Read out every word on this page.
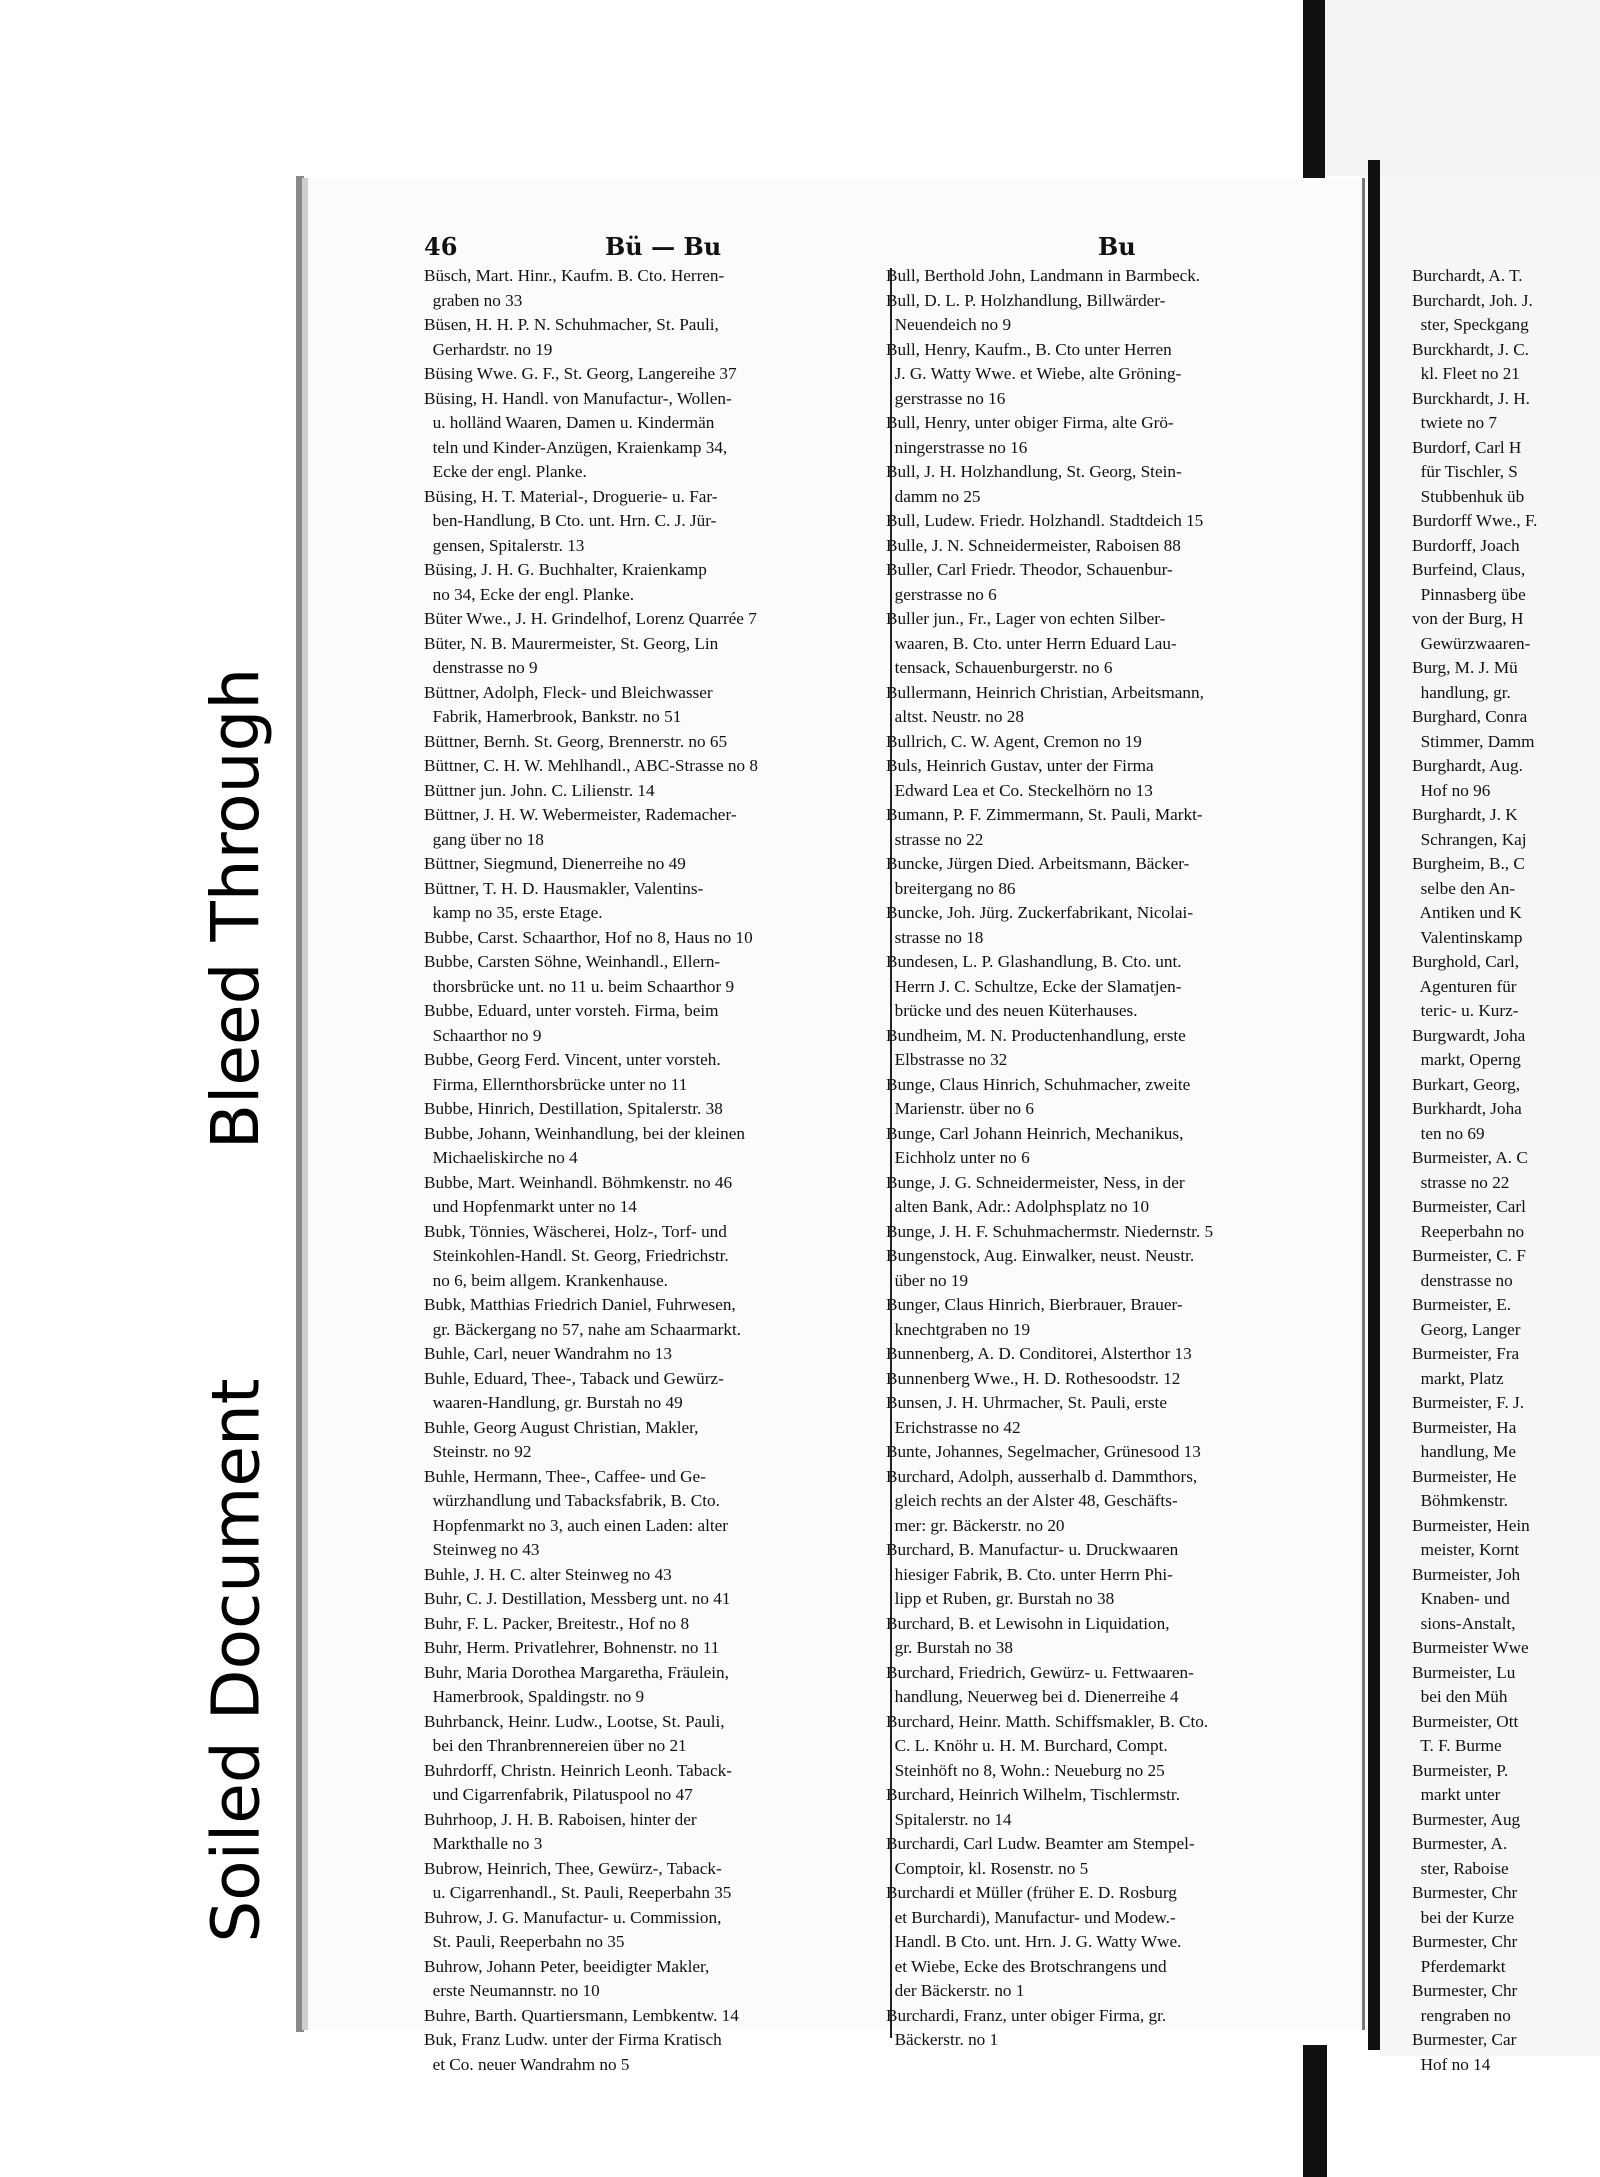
46	Bü — Bu	Bu

Büsch, Mart. Hinr., Kaufm. B. Cto. Herren-

graben no 33

Büsen, H. H. P. N. Schuhmacher, St. Pauli,

Gerhardstr. no 19

Büsing Wwe. G. F., St. Georg, Langereihe 37

Büsing, H. Handl. von Manufactur-, Wollen-

u. holländ Waaren, Damen u. Kindermän

teln und Kinder-Anzügen, Kraienkamp 34,

Ecke der engl. Planke.

Büsing, H. T. Material-, Droguerie- u. Far-

ben-Handlung, B Cto. unt. Hrn. C. J. Jür-

gensen, Spitalerstr. 13

Büsing, J. H. G. Buchhalter, Kraienkamp

no 34, Ecke der engl. Planke.

Büter Wwe., J. H. Grindelhof, Lorenz Quarrée 7

Büter, N. B. Maurermeister, St. Georg, Lin

denstrasse no 9

Büttner, Adolph, Fleck- und Bleichwasser

Fabrik, Hamerbrook, Bankstr. no 51

Büttner, Bernh. St. Georg, Brennerstr. no 65

Büttner, C. H. W. Mehlhandl., ABC-Strasse no 8

Büttner jun. John. C. Lilienstr. 14

Büttner, J. H. W. Webermeister, Rademacher-

gang über no 18

Büttner, Siegmund, Dienerreihe no 49

Büttner, T. H. D. Hausmakler, Valentins-

kamp no 35, erste Etage.

Bubbe, Carst. Schaarthor, Hof no 8, Haus no 10

Bubbe, Carsten Söhne, Weinhandl., Ellern-

thorsbrücke unt. no 11 u. beim Schaarthor 9

Bubbe, Eduard, unter vorsteh. Firma, beim

Schaarthor no 9

Bubbe, Georg Ferd. Vincent, unter vorsteh.

Firma, Ellernthorsbrücke unter no 11

Bubbe, Hinrich, Destillation, Spitalerstr. 38

Bubbe, Johann, Weinhandlung, bei der kleinen

Michaeliskirche no 4

Bubbe, Mart. Weinhandl. Böhmkenstr. no 46

und Hopfenmarkt unter no 14

Bubk, Tönnies, Wäscherei, Holz-, Torf- und

Steinkohlen-Handl. St. Georg, Friedrichstr.

no 6, beim allgem. Krankenhause.

Bubk, Matthias Friedrich Daniel, Fuhrwesen,

gr. Bäckergang no 57, nahe am Schaarmarkt.

Buhle, Carl, neuer Wandrahm no 13

Buhle, Eduard, Thee-, Taback und Gewürz-

waaren-Handlung, gr. Burstah no 49

Buhle, Georg August Christian, Makler,

Steinstr. no 92

Buhle, Hermann, Thee-, Caffee- und Ge-

würzhandlung und Tabacksfabrik, B. Cto.

Hopfenmarkt no 3, auch einen Laden: alter

Steinweg no 43

Buhle, J. H. C. alter Steinweg no 43

Buhr, C. J. Destillation, Messberg unt. no 41

Buhr, F. L. Packer, Breitestr., Hof no 8

Buhr, Herm. Privatlehrer, Bohnenstr. no 11

Buhr, Maria Dorothea Margaretha, Fräulein,

Hamerbrook, Spaldingstr. no 9

Buhrbanck, Heinr. Ludw., Lootse, St. Pauli,

bei den Thranbrennereien über no 21

Buhrdorff, Christn. Heinrich Leonh. Taback-

und Cigarrenfabrik, Pilatuspool no 47

Buhrhoop, J. H. B. Raboisen, hinter der

Markthalle no 3

Bubrow, Heinrich, Thee, Gewürz-, Taback-

u. Cigarrenhandl., St. Pauli, Reeperbahn 35

Buhrow, J. G. Manufactur- u. Commission,

St. Pauli, Reeperbahn no 35

Buhrow, Johann Peter, beeidigter Makler,

erste Neumannstr. no 10

Buhre, Barth. Quartiersmann, Lembkentw. 14

Buk, Franz Ludw. unter der Firma Kratisch

et Co. neuer Wandrahm no 5

Bull, Berthold John, Landmann in Barmbeck.

Bull, D. L. P. Holzhandlung, Billwärder-

Neuendeich no 9

Bull, Henry, Kaufm., B. Cto unter Herren

J. G. Watty Wwe. et Wiebe, alte Gröning-

gerstrasse no 16

Bull, Henry, unter obiger Firma, alte Grö-

ningerstrasse no 16

Bull, J. H. Holzhandlung, St. Georg, Stein-

damm no 25

Bull, Ludew. Friedr. Holzhandl. Stadtdeich 15

Bulle, J. N. Schneidermeister, Raboisen 88

Buller, Carl Friedr. Theodor, Schauenbur-

gerstrasse no 6

Buller jun., Fr., Lager von echten Silber-

waaren, B. Cto. unter Herrn Eduard Lau-

tensack, Schauenburgerstr. no 6

Bullermann, Heinrich Christian, Arbeitsmann,

altst. Neustr. no 28

Bullrich, C. W. Agent, Cremon no 19

Buls, Heinrich Gustav, unter der Firma

Edward Lea et Co. Steckelhörn no 13

Bumann, P. F. Zimmermann, St. Pauli, Markt-

strasse no 22

Buncke, Jürgen Died. Arbeitsmann, Bäcker-

breitergang no 86

Buncke, Joh. Jürg. Zuckerfabrikant, Nicolai-

strasse no 18

Bundesen, L. P. Glashandlung, B. Cto. unt.

Herrn J. C. Schultze, Ecke der Slamatjen-

brücke und des neuen Küterhauses.

Bundheim, M. N. Productenhandlung, erste

Elbstrasse no 32

Bunge, Claus Hinrich, Schuhmacher, zweite

Marienstr. über no 6

Bunge, Carl Johann Heinrich, Mechanikus,

Eichholz unter no 6

Bunge, J. G. Schneidermeister, Ness, in der

alten Bank, Adr.: Adolphsplatz no 10

Bunge, J. H. F. Schuhmachermstr. Niedernstr. 5

Bungenstock, Aug. Einwalker, neust. Neustr.

über no 19

Bunger, Claus Hinrich, Bierbrauer, Brauer-

knechtgraben no 19

Bunnenberg, A. D. Conditorei, Alsterthor 13

Bunnenberg Wwe., H. D. Rothesoodstr. 12

Bunsen, J. H. Uhrmacher, St. Pauli, erste

Erichstrasse no 42

Bunte, Johannes, Segelmacher, Grünesood 13

Burchard, Adolph, ausserhalb d. Dammthors,

gleich rechts an der Alster 48, Geschäfts-

mer: gr. Bäckerstr. no 20

Burchard, B. Manufactur- u. Druckwaaren

hiesiger Fabrik, B. Cto. unter Herrn Phi-

lipp et Ruben, gr. Burstah no 38

Burchard, B. et Lewisohn in Liquidation,

gr. Burstah no 38

Burchard, Friedrich, Gewürz- u. Fettwaaren-

handlung, Neuerweg bei d. Dienerreihe 4

Burchard, Heinr. Matth. Schiffsmakler, B. Cto.

C. L. Knöhr u. H. M. Burchard, Compt.

Steinhöft no 8, Wohn.: Neueburg no 25

Burchard, Heinrich Wilhelm, Tischlermstr.

Spitalerstr. no 14

Burchardi, Carl Ludw. Beamter am Stempel-

Comptoir, kl. Rosenstr. no 5

Burchardi et Müller (früher E. D. Rosburg

et Burchardi), Manufactur- und Modew.-

Handl. B Cto. unt. Hrn. J. G. Watty Wwe.

et Wiebe, Ecke des Brotschrangens und

der Bäckerstr. no 1

Burchardi, Franz, unter obiger Firma, gr.

Bäckerstr. no 1

Burchardt, A. T.

Burchardt, Joh. J.

ster, Speckgang

Burckhardt, J. C.

kl. Fleet no 21

Burckhardt, J. H.

twiete no 7

Burdorf, Carl H

für Tischler, S

Stubbenhuk üb

Burdorff Wwe., F.

Burdorff, Joach

Burfeind, Claus,

Pinnasberg übe

von der Burg, H

Gewürzwaaren-

Burg, M. J. Mü

handlung, gr.

Burghard, Conra

Stimmer, Damm

Burghardt, Aug.

Hof no 96

Burghardt, J. K

Schrangen, Kaj

Burgheim, B., C

selbe den An-

Antiken und K

Valentinskamp

Burghold, Carl,

Agenturen für

teric- u. Kurz-

Burgwardt, Joha

markt, Operng

Burkart, Georg,

Burkhardt, Joha

ten no 69

Burmeister, A. C

strasse no 22

Burmeister, Carl

Reeperbahn no

Burmeister, C. F

denstrasse no

Burmeister, E.

Georg, Langer

Burmeister, Fra

markt, Platz

Burmeister, F. J.

Burmeister, Ha

handlung, Me

Burmeister, He

Böhmkenstr.

Burmeister, Hein

meister, Kornt

Burmeister, Joh

Knaben- und

sions-Anstalt,

Burmeister Wwe

Burmeister, Lu

bei den Müh

Burmeister, Ott

T. F. Burme

Burmeister, P.

markt unter

Burmester, Aug

Burmester, A.

ster, Raboise

Burmester, Chr

bei der Kurze

Burmester, Chr

Pferdemarkt

Burmester, Chr

rengraben no

Burmester, Car

Hof no 14

Bleed Through
Soiled Document
